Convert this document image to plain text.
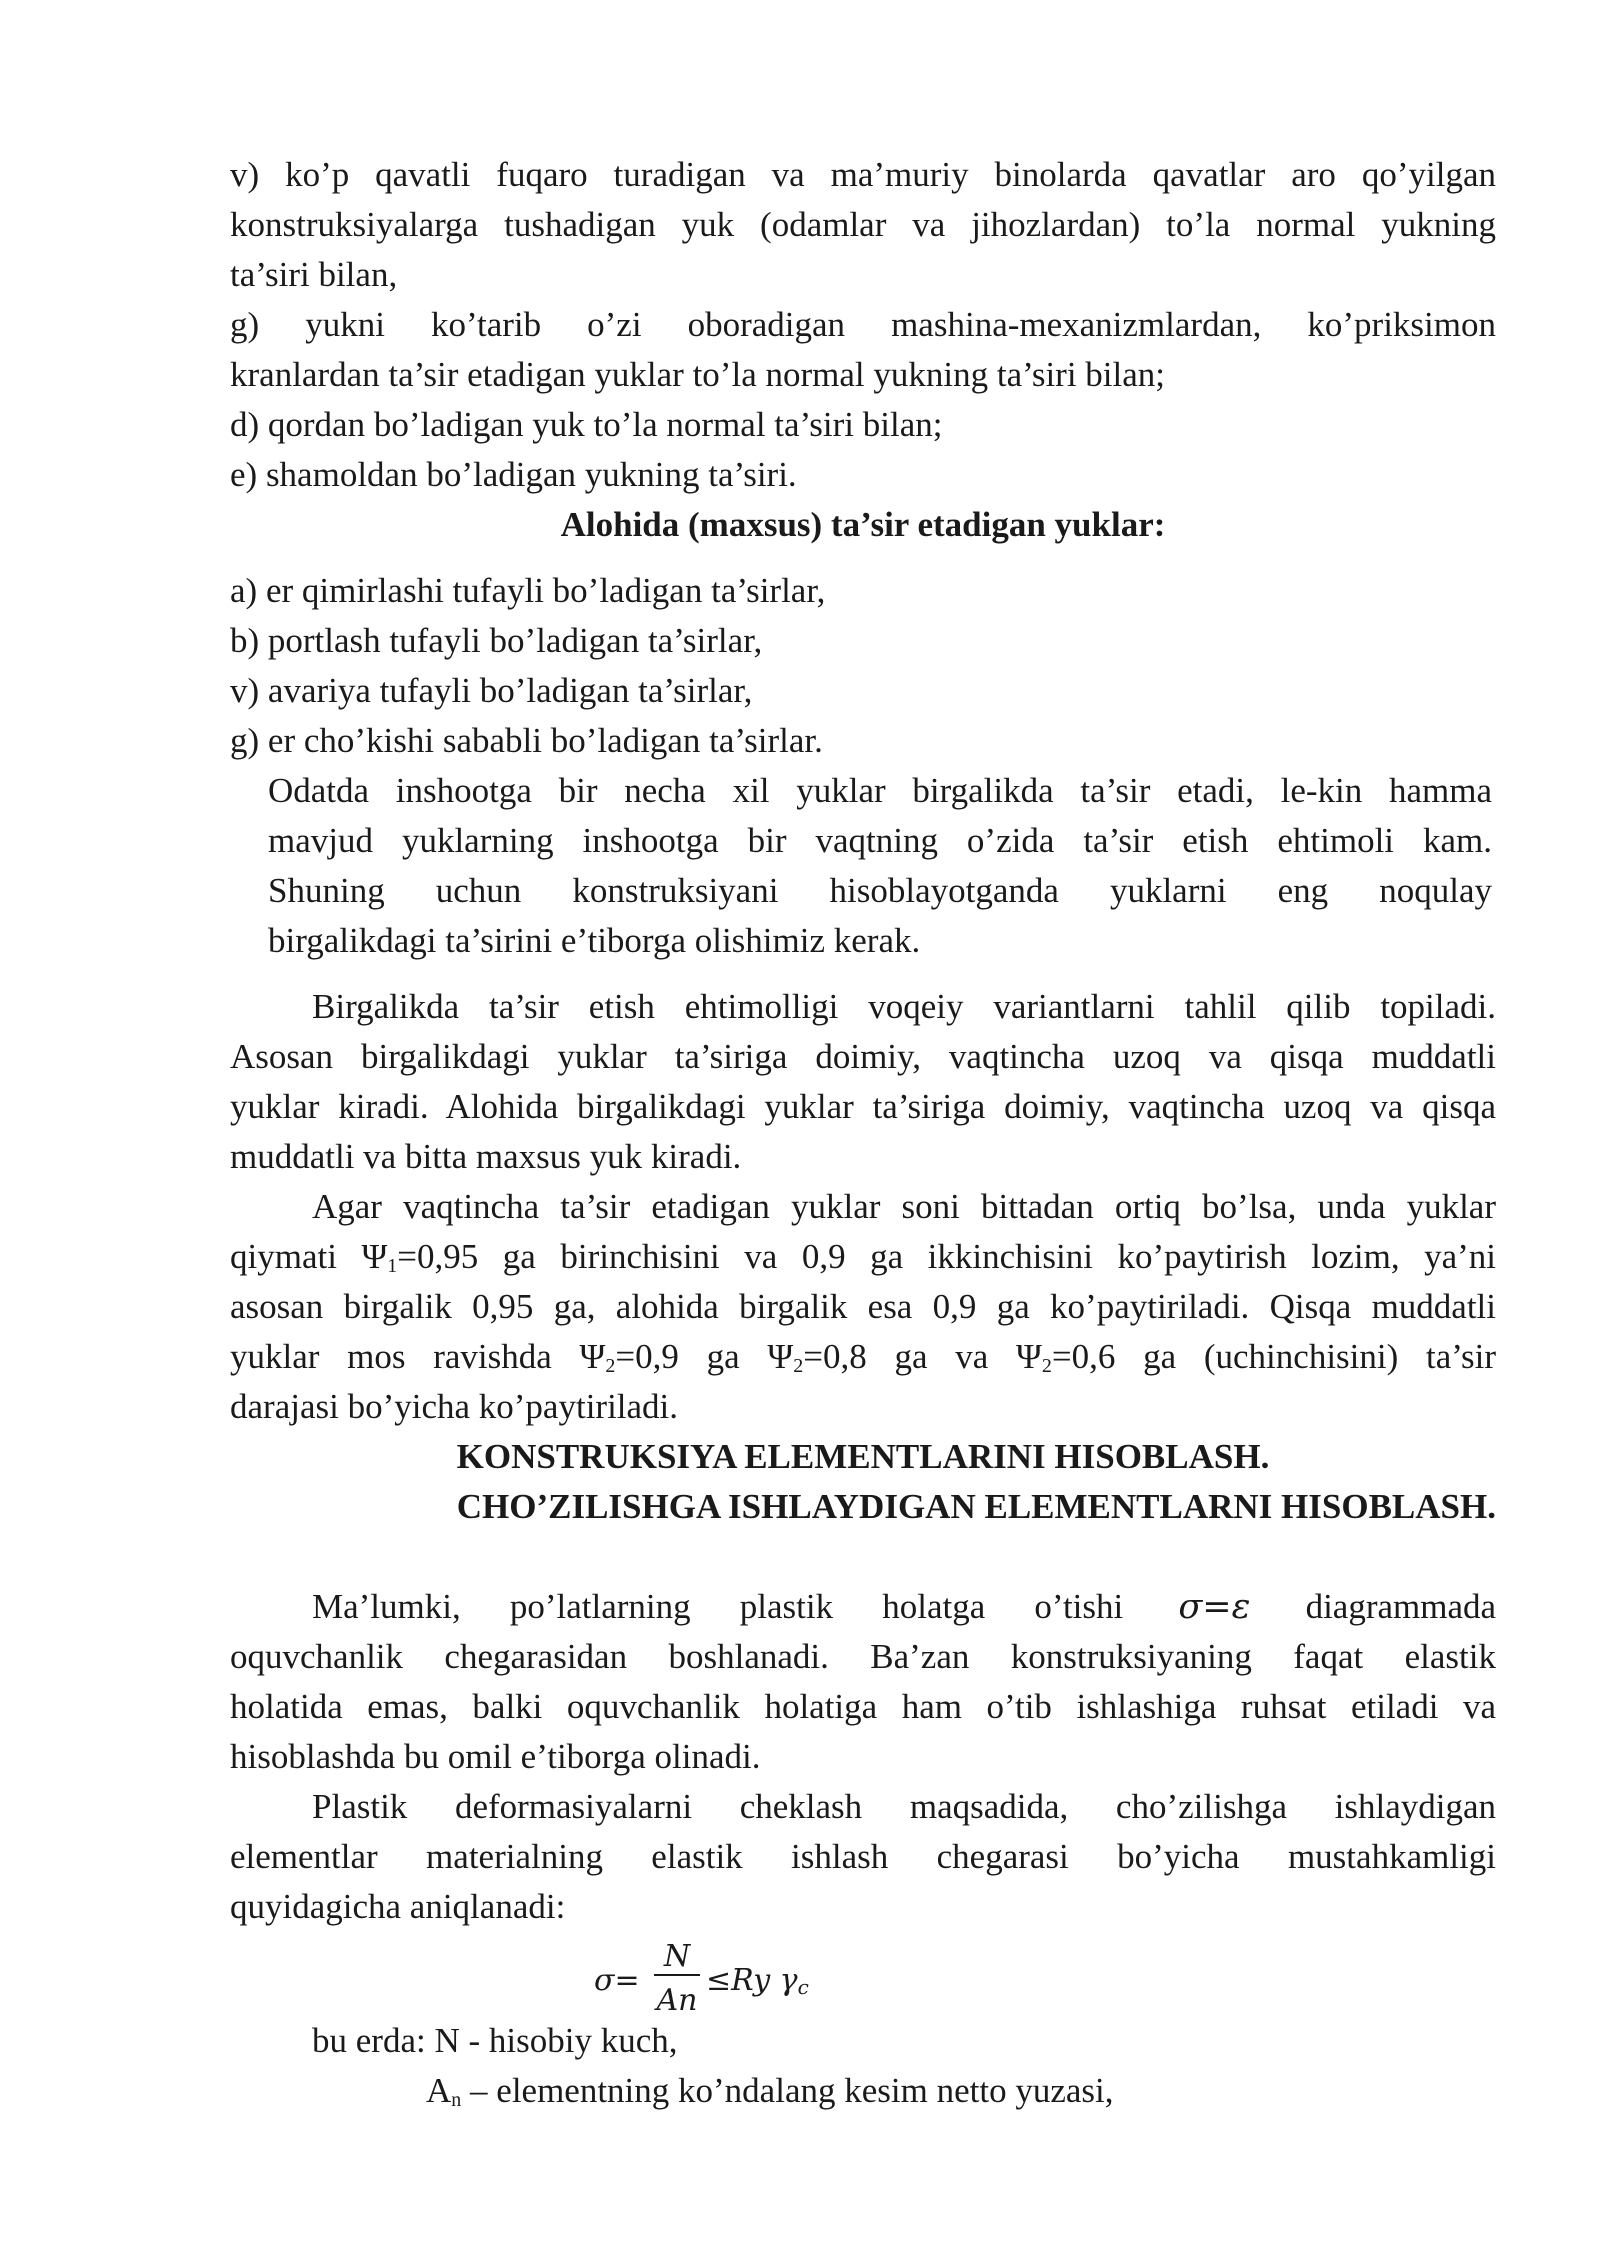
v) ko’p qavatli fuqaro turadigan va ma’muriy binolarda qavatlar aro qo’yilgan

konstruksiyalarga tushadigan yuk (odamlar va jihozlardan) to’la normal yukning

ta’siri bilan,

g) yukni ko’tarib o’zi oboradigan mashina-mexanizmlardan, ko’priksimon

kranlardan ta’sir etadigan yuklar to’la normal yukning ta’siri bilan;

d) qordan bo’ladigan yuk to’la normal ta’siri bilan;

e) shamoldan bo’ladigan yukning ta’siri.

Alohida (maxsus) ta’sir etadigan yuklar:

a) er qimirlashi tufayli bo’ladigan ta’sirlar,

b) portlash tufayli bo’ladigan ta’sirlar,

v) avariya tufayli bo’ladigan ta’sirlar,

g) er cho’kishi sababli bo’ladigan ta’sirlar.

Odatda inshootga bir necha xil yuklar birgalikda ta’sir etadi, le-kin hamma

mavjud yuklarning inshootga bir vaqtning o’zida ta’sir etish ehtimoli kam.

Shuning uchun konstruksiyani hisoblayotganda yuklarni eng noqulay

birgalikdagi ta’sirini e’tiborga olishimiz kerak.

Birgalikda ta’sir etish ehtimolligi voqeiy variantlarni tahlil qilib topiladi.

Asosan birgalikdagi yuklar ta’siriga doimiy, vaqtincha uzoq va qisqa muddatli

yuklar kiradi. Alohida birgalikdagi yuklar ta’siriga doimiy, vaqtincha uzoq va qisqa

muddatli va bitta maxsus yuk kiradi.

Agar vaqtincha ta’sir etadigan yuklar soni bittadan ortiq bo’lsa, unda yuklar

qiymati $\Psi_1=0,95$ ga birinchisini va 0,9 ga ikkinchisini ko’paytirish lozim, ya’ni

asosan birgalik 0,95 ga, alohida birgalik esa 0,9 ga ko’paytiriladi. Qisqa muddatli

yuklar mos ravishda $\Psi_2=0,9$ ga $\Psi_2=0,8$ ga va $\Psi_2=0,6$ ga (uchinchisini) ta’sir

darajasi bo’yicha ko’paytiriladi.

KONSTRUKSIYA ELEMENTLARINI HISOBLASH.

CHO’ZILISHGA ISHLAYDIGAN ELEMENTLARNI HISOBLASH.

Ma’lumki, po’latlarning plastik holatga o’tishi σ=ε diagrammada

oquvchanlik chegarasidan boshlanadi. Ba’zan konstruksiyaning faqat elastik

holatida emas, balki oquvchanlik holatiga ham o’tib ishlashiga ruhsat etiladi va

hisoblashda bu omil e’tiborga olinadi.

Plastik deformasiyalarni cheklash maqsadida, cho’zilishga ishlaydigan

elementlar materialning elastik ishlash chegarasi bo’yicha mustahkamligi

quyidagicha aniqlanadi:

σ=
N
An
≤Ry $\gamma_c$

bu erda: N - hisobiy kuch,

$A_n$ – elementning ko’ndalang kesim netto yuzasi,
